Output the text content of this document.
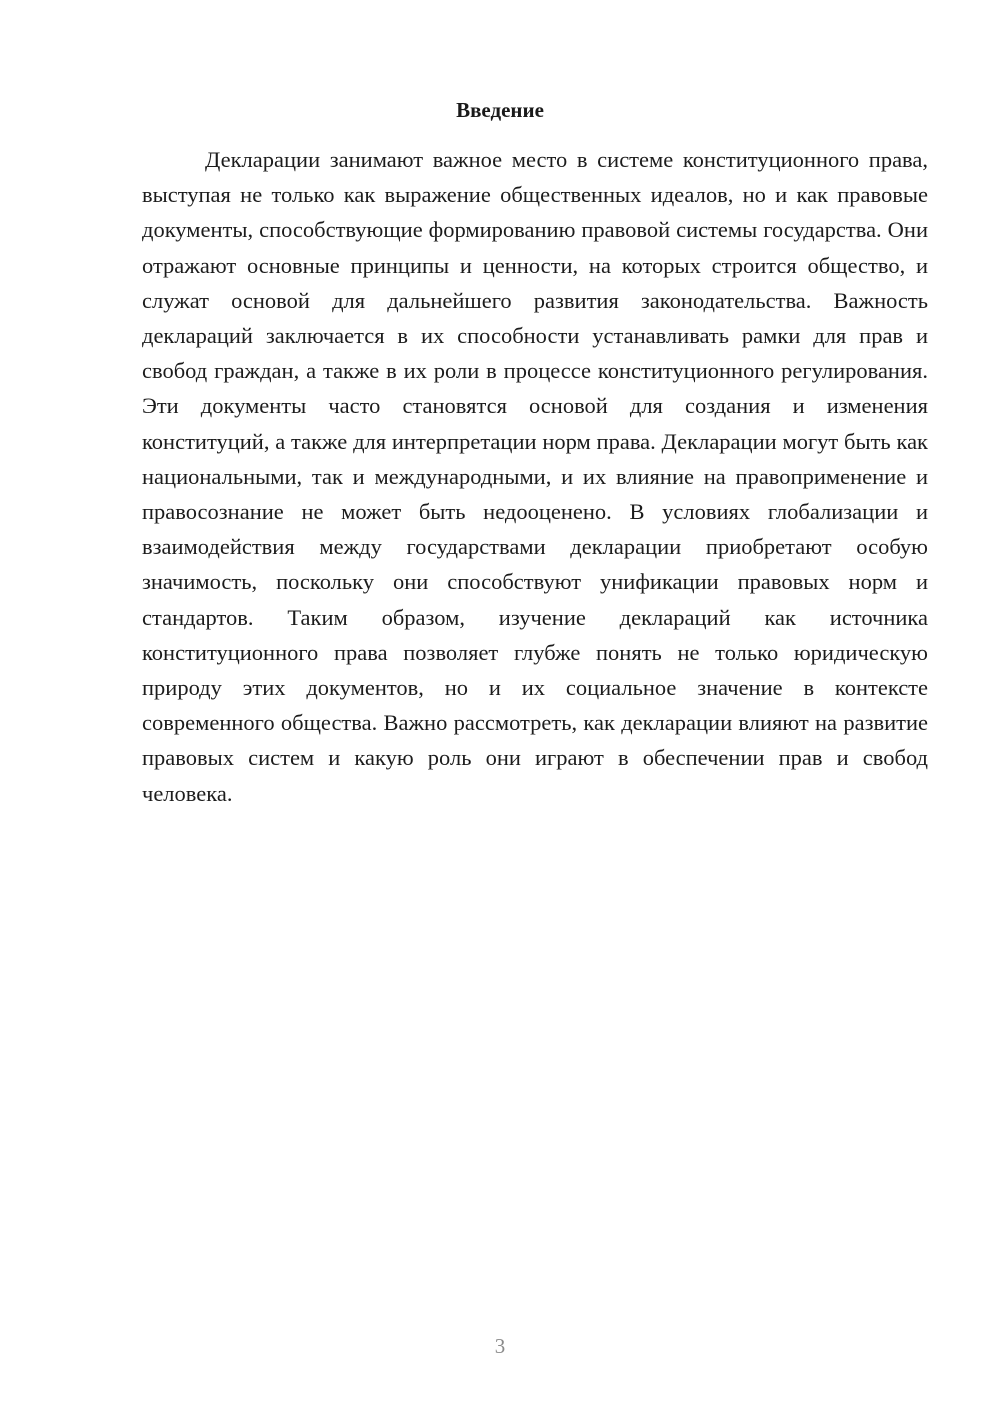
Введение

Декларации занимают важное место в системе конституционного права, выступая не только как выражение общественных идеалов, но и как правовые документы, способствующие формированию правовой системы государства. Они отражают основные принципы и ценности, на которых строится общество, и служат основой для дальнейшего развития законодательства. Важность деклараций заключается в их способности устанавливать рамки для прав и свобод граждан, а также в их роли в процессе конституционного регулирования. Эти документы часто становятся основой для создания и изменения конституций, а также для интерпретации норм права. Декларации могут быть как национальными, так и международными, и их влияние на правоприменение и правосознание не может быть недооценено. В условиях глобализации и взаимодействия между государствами декларации приобретают особую значимость, поскольку они способствуют унификации правовых норм и стандартов. Таким образом, изучение деклараций как источника конституционного права позволяет глубже понять не только юридическую природу этих документов, но и их социальное значение в контексте современного общества. Важно рассмотреть, как декларации влияют на развитие правовых систем и какую роль они играют в обеспечении прав и свобод человека.

3
